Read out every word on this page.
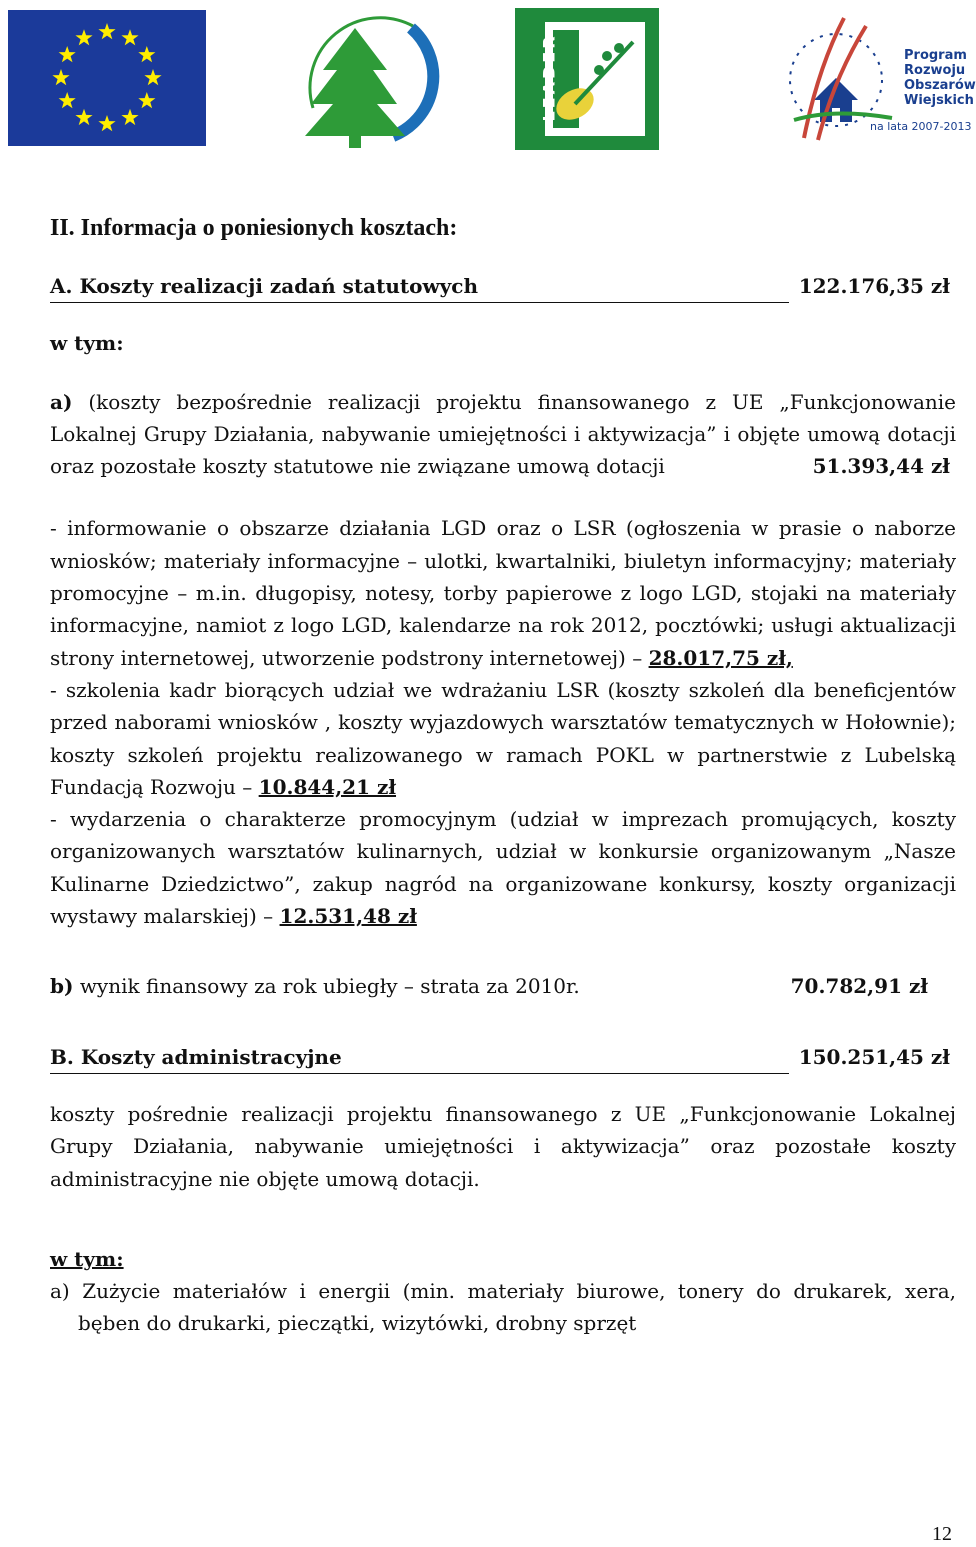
LEADER	Program
Rozwoju
Obszarów
Wiejskich
na lata 2007-2013

II. Informacja o poniesionych kosztach:

A. Koszty realizacji zadań statutowych	122.176,35 zł
w tym:

a) (koszty bezpośrednie realizacji projektu finansowanego z UE „Funkcjonowanie Lokalnej Grupy Działania, nabywanie umiejętności i aktywizacja” i objęte umową dotacji oraz pozostałe koszty statutowe nie związane umową dotacji	51.393,44 zł

- informowanie o obszarze działania LGD oraz o LSR (ogłoszenia w prasie o naborze wniosków; materiały informacyjne – ulotki, kwartalniki, biuletyn informacyjny; materiały promocyjne – m.in. długopisy, notesy, torby papierowe z logo LGD, stojaki na materiały informacyjne, namiot z logo LGD, kalendarze na rok 2012, pocztówki; usługi aktualizacji strony internetowej, utworzenie podstrony internetowej) – 28.017,75 zł,

- szkolenia kadr biorących udział we wdrażaniu LSR (koszty szkoleń dla beneficjentów przed naborami wniosków , koszty wyjazdowych warsztatów tematycznych w Hołownie); koszty szkoleń projektu realizowanego w ramach POKL w partnerstwie z Lubelską Fundacją Rozwoju – 10.844,21 zł

- wydarzenia o charakterze promocyjnym (udział w imprezach promujących, koszty organizowanych warsztatów kulinarnych, udział w konkursie organizowanym „Nasze Kulinarne Dziedzictwo”, zakup nagród na organizowane konkursy, koszty organizacji wystawy malarskiej) – 12.531,48 zł

b) wynik finansowy za rok ubiegły – strata za 2010r.	70.782,91 zł
B. Koszty administracyjne	150.251,45 zł

koszty pośrednie realizacji projektu finansowanego z UE „Funkcjonowanie Lokalnej Grupy Działania, nabywanie umiejętności i aktywizacja” oraz pozostałe koszty administracyjne nie objęte umową dotacji.

w tym:

a) Zużycie materiałów i energii (min. materiały biurowe, tonery do drukarek, xera, bęben do drukarki, pieczątki, wizytówki, drobny sprzęt

12
